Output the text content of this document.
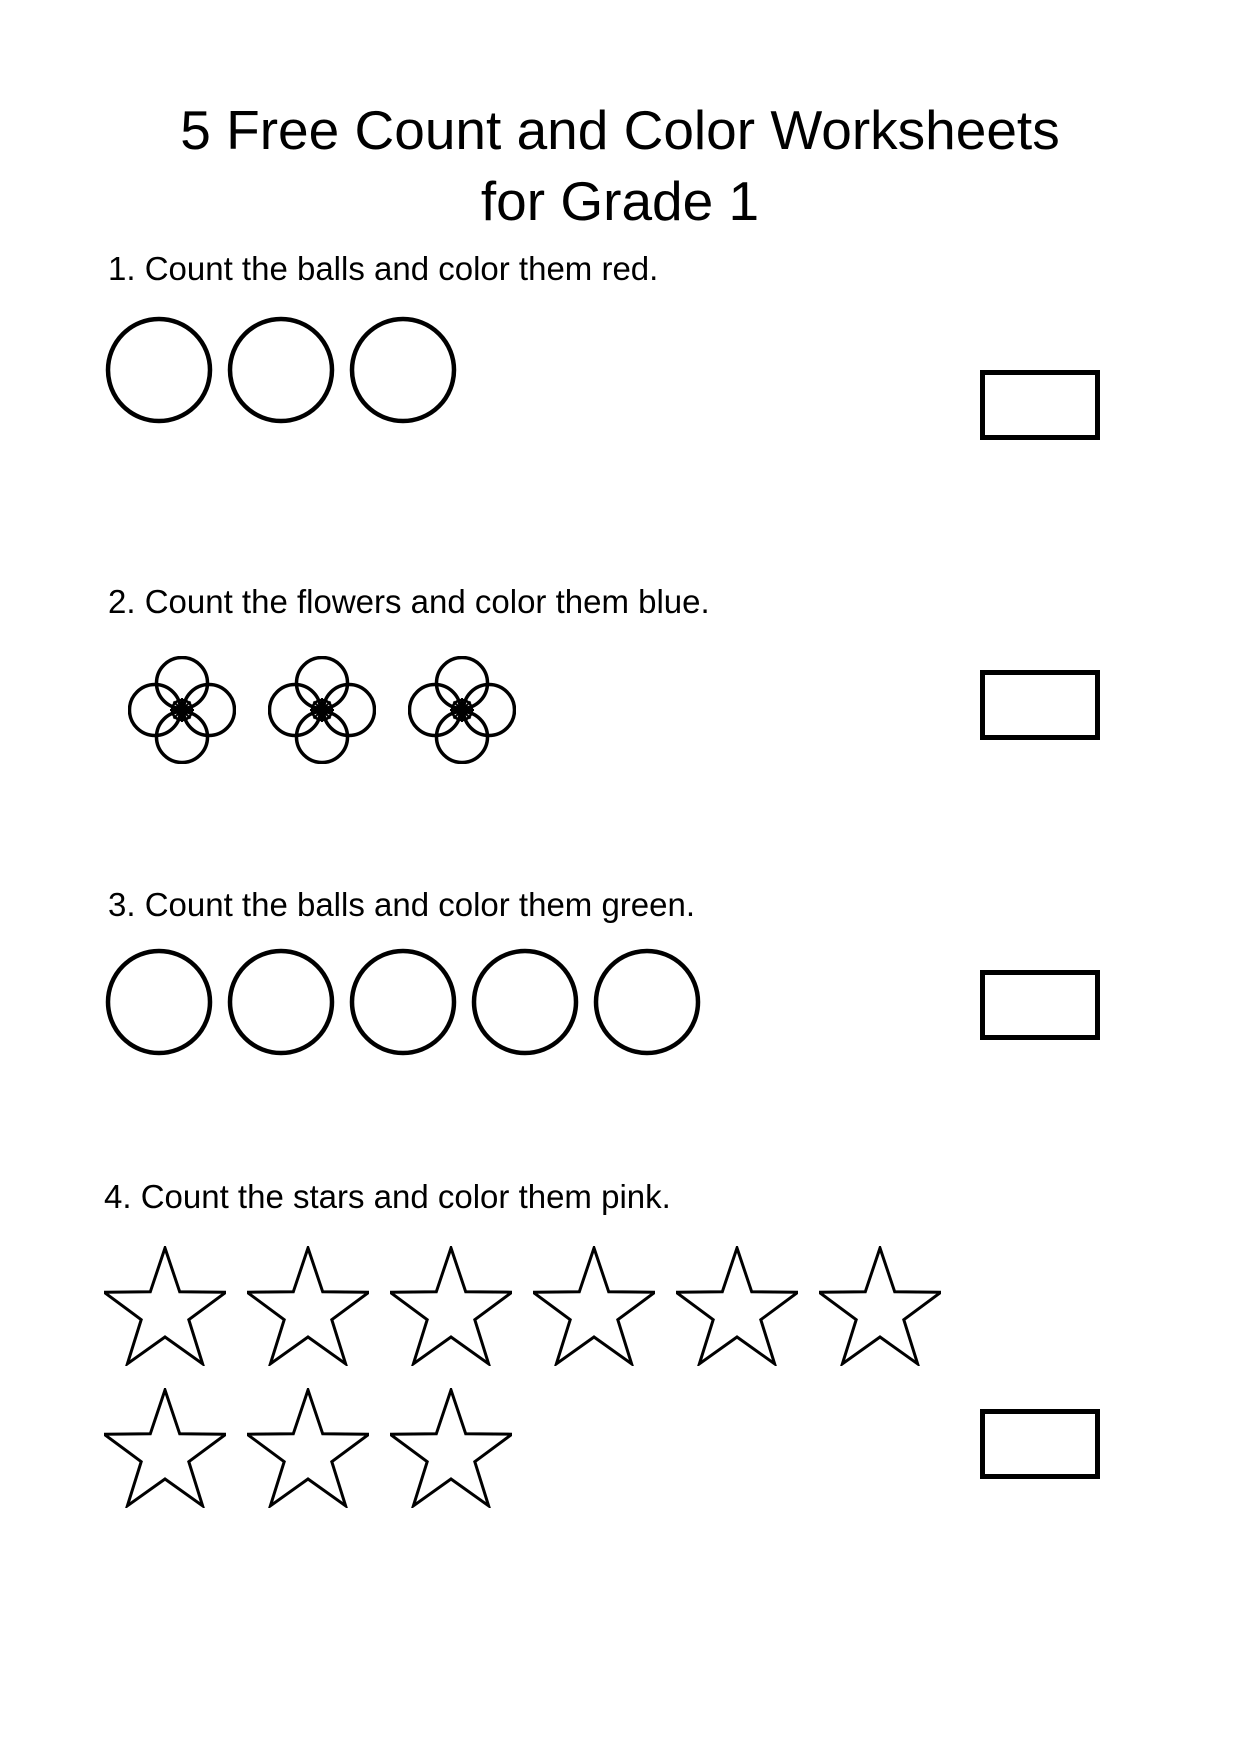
5 Free Count and Color Worksheets
for Grade 1

1. Count the balls and color them red.

2. Count the flowers and color them blue.

3. Count the balls and color them green.

4. Count the stars and color them pink.
